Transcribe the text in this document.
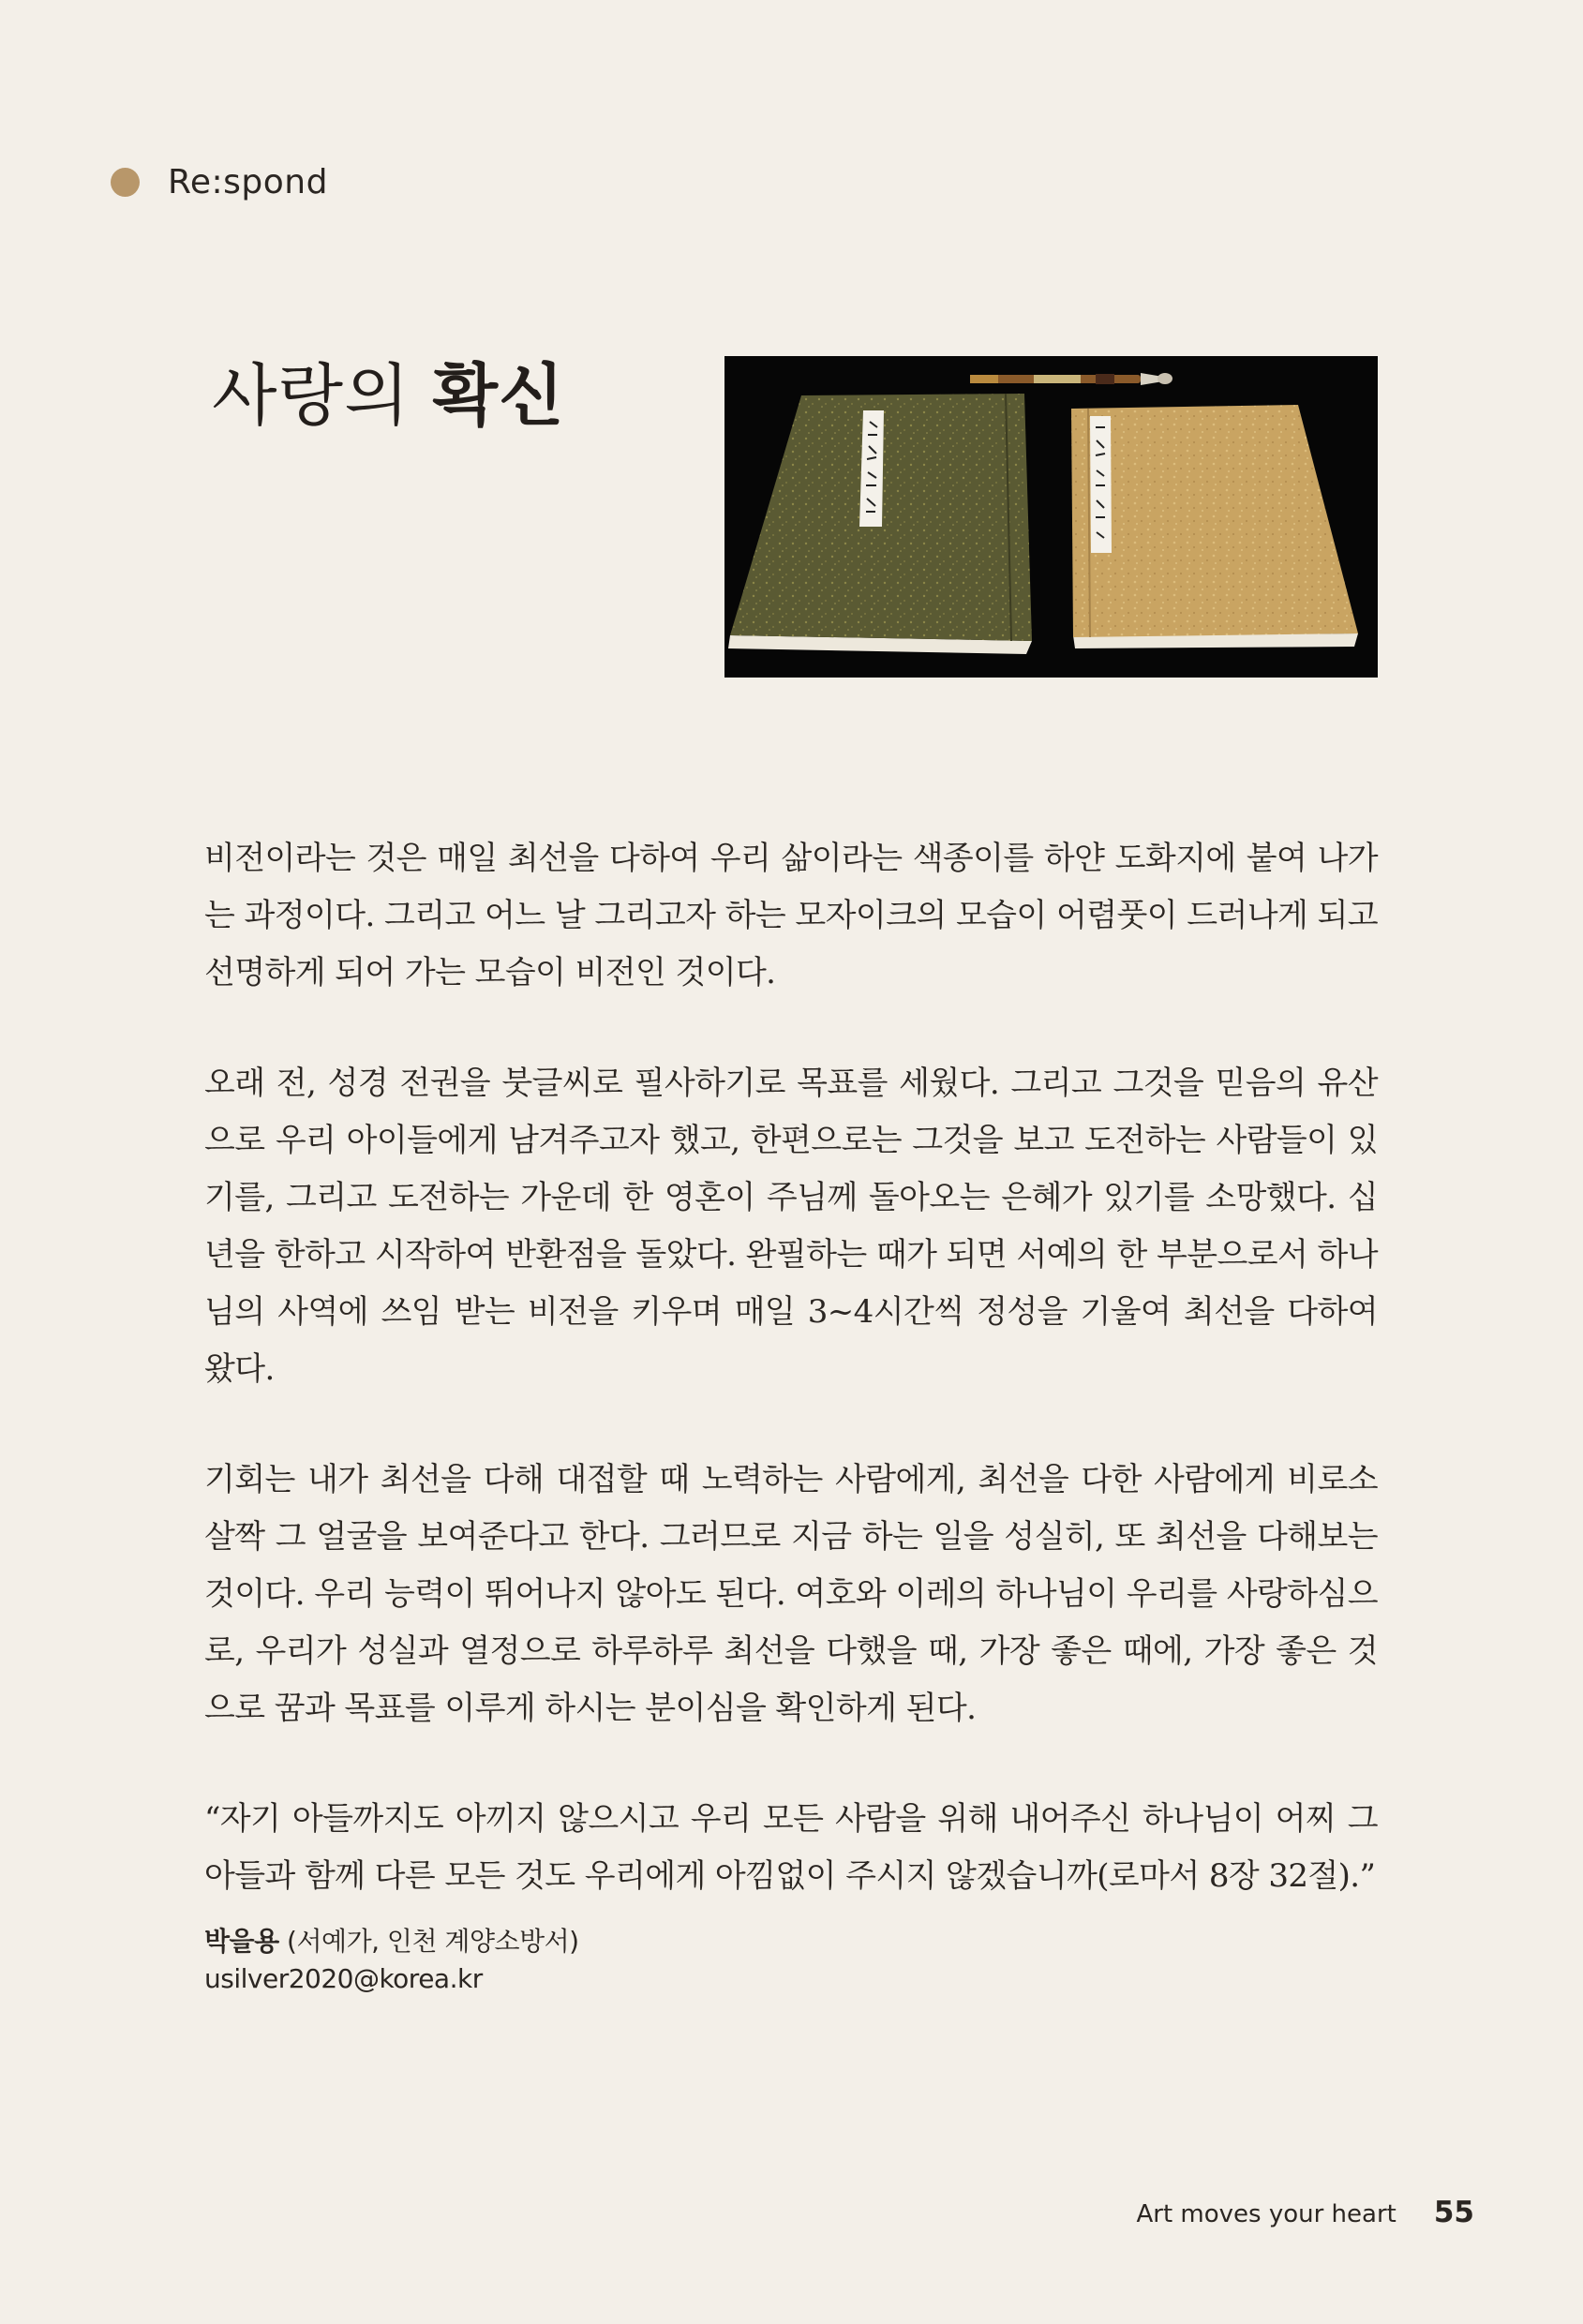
Re:spond
사랑의 확신

비전이라는 것은 매일 최선을 다하여 우리 삶이라는 색종이를 하얀 도화지에 붙여 나가는 과정이다. 그리고 어느 날 그리고자 하는 모자이크의 모습이 어렴풋이 드러나게 되고 선명하게 되어 가는 모습이 비전인 것이다.

오래 전, 성경 전권을 붓글씨로 필사하기로 목표를 세웠다. 그리고 그것을 믿음의 유산으로 우리 아이들에게 남겨주고자 했고, 한편으로는 그것을 보고 도전하는 사람들이 있기를, 그리고 도전하는 가운데 한 영혼이 주님께 돌아오는 은혜가 있기를 소망했다. 십년을 한하고 시작하여 반환점을 돌았다. 완필하는 때가 되면 서예의 한 부분으로서 하나님의 사역에 쓰임 받는 비전을 키우며 매일 3~4시간씩 정성을 기울여 최선을 다하여 왔다.

기회는 내가 최선을 다해 대접할 때 노력하는 사람에게, 최선을 다한 사람에게 비로소 살짝 그 얼굴을 보여준다고 한다. 그러므로 지금 하는 일을 성실히, 또 최선을 다해보는 것이다. 우리 능력이 뛰어나지 않아도 된다. 여호와 이레의 하나님이 우리를 사랑하심으로, 우리가 성실과 열정으로 하루하루 최선을 다했을 때, 가장 좋은 때에, 가장 좋은 것으로 꿈과 목표를 이루게 하시는 분이심을 확인하게 된다.

“자기 아들까지도 아끼지 않으시고 우리 모든 사람을 위해 내어주신 하나님이 어찌 그 아들과 함께 다른 모든 것도 우리에게 아낌없이 주시지 않겠습니까(로마서 8장 32절).”

박을용 (서예가, 인천 계양소방서)
usilver2020@korea.kr
Art moves your heart 55
